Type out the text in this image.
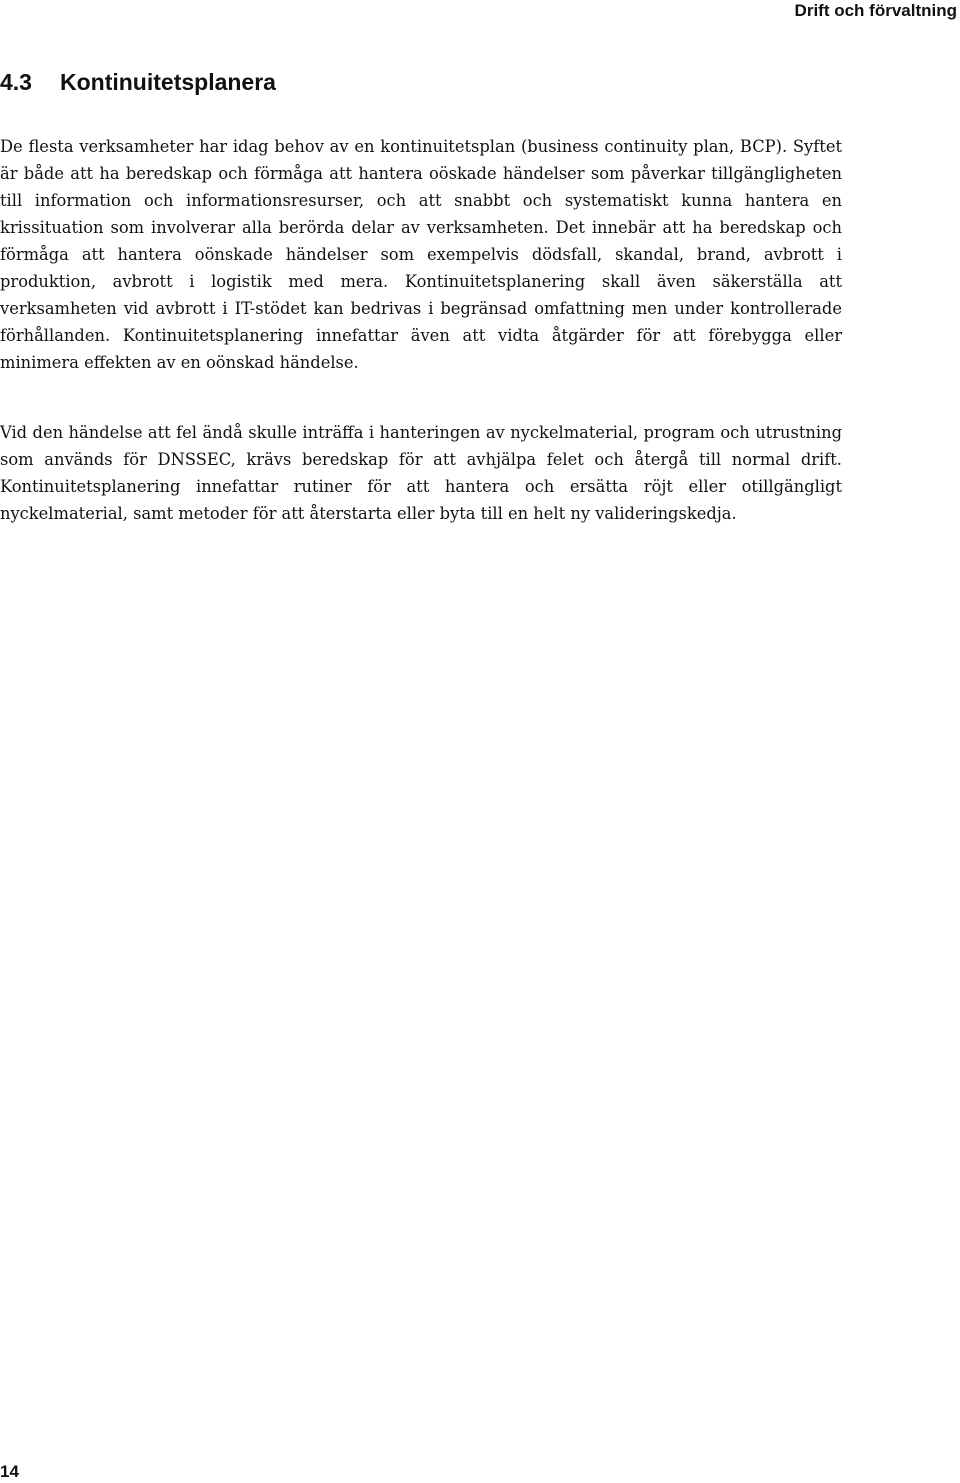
Drift och förvaltning
4.3 Kontinuitetsplanera

De flesta verksamheter har idag behov av en kontinuitetsplan (business continuity plan, BCP). Syftet är både att ha beredskap och förmåga att hantera oöskade händelser som påverkar tillgängligheten till information och informationsresurser, och att snabbt och systematiskt kunna hantera en krissituation som involverar alla berörda delar av verksamheten. Det innebär att ha beredskap och förmåga att hantera oönskade händelser som exempelvis dödsfall, skandal, brand, avbrott i produktion, avbrott i logistik med mera. Kontinuitetsplanering skall även säkerställa att verksamheten vid avbrott i IT-stödet kan bedrivas i begränsad omfattning men under kontrollerade förhållanden. Kontinuitetsplanering innefattar även att vidta åtgärder för att förebygga eller minimera effekten av en oönskad händelse.

Vid den händelse att fel ändå skulle inträffa i hanteringen av nyckelmaterial, program och utrustning som används för DNSSEC, krävs beredskap för att avhjälpa felet och återgå till normal drift. Kontinuitetsplanering innefattar rutiner för att hantera och ersätta röjt eller otillgängligt nyckelmaterial, samt metoder för att återstarta eller byta till en helt ny valideringskedja.

14
